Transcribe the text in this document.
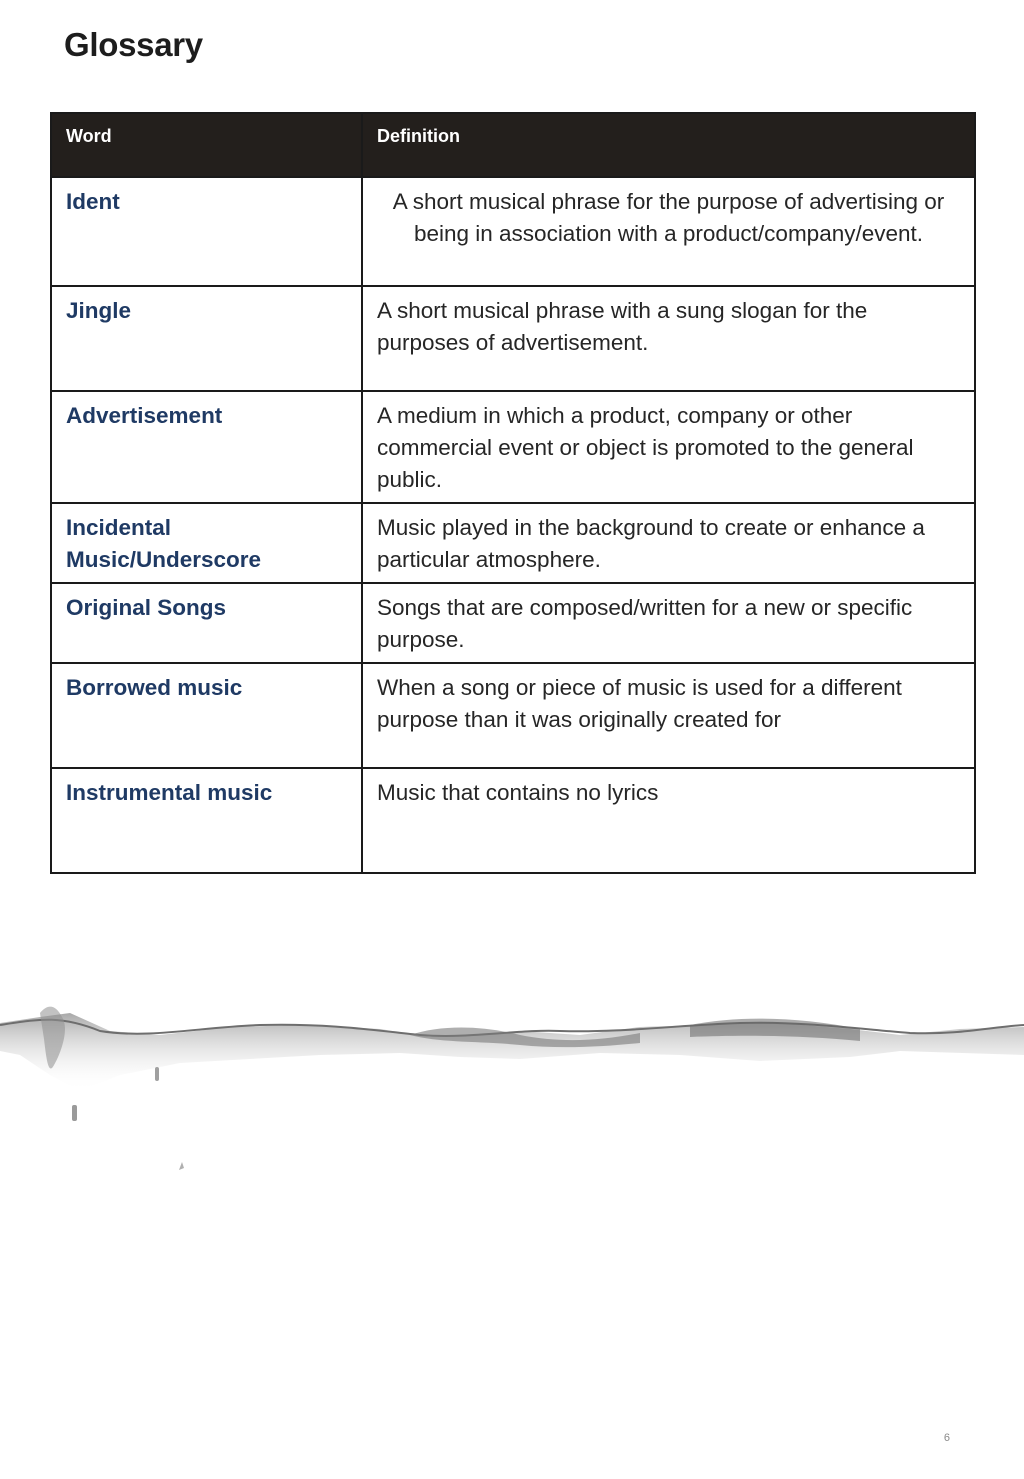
Glossary
Word	Definition
Ident	A short musical phrase for the purpose of advertising or being in association with a product/company/event.
Jingle	A short musical phrase with a sung slogan for the purposes of advertisement.
Advertisement	A medium in which a product, company or other commercial event or object is promoted to the general public.
Incidental Music/Underscore	Music played in the background to create or enhance a particular atmosphere.
Original Songs	Songs that are composed/written for a new or specific purpose.
Borrowed music	When a song or piece of music is used for a different purpose than it was originally created for
Instrumental music	Music that contains no lyrics
6
